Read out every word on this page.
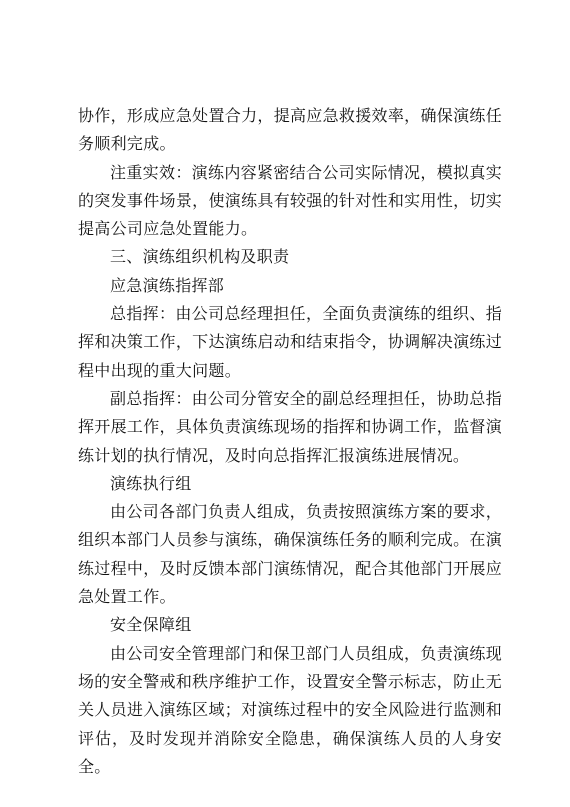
协作，形成应急处置合力，提高应急救援效率，确保演练任务顺利完成。

注重实效：演练内容紧密结合公司实际情况，模拟真实的突发事件场景，使演练具有较强的针对性和实用性，切实提高公司应急处置能力。

三、演练组织机构及职责

应急演练指挥部

总指挥：由公司总经理担任，全面负责演练的组织、指挥和决策工作，下达演练启动和结束指令，协调解决演练过程中出现的重大问题。

副总指挥：由公司分管安全的副总经理担任，协助总指挥开展工作，具体负责演练现场的指挥和协调工作，监督演练计划的执行情况，及时向总指挥汇报演练进展情况。

演练执行组

由公司各部门负责人组成，负责按照演练方案的要求，组织本部门人员参与演练，确保演练任务的顺利完成。在演练过程中，及时反馈本部门演练情况，配合其他部门开展应急处置工作。

安全保障组

由公司安全管理部门和保卫部门人员组成，负责演练现场的安全警戒和秩序维护工作，设置安全警示标志，防止无关人员进入演练区域；对演练过程中的安全风险进行监测和评估，及时发现并消除安全隐患，确保演练人员的人身安全。
